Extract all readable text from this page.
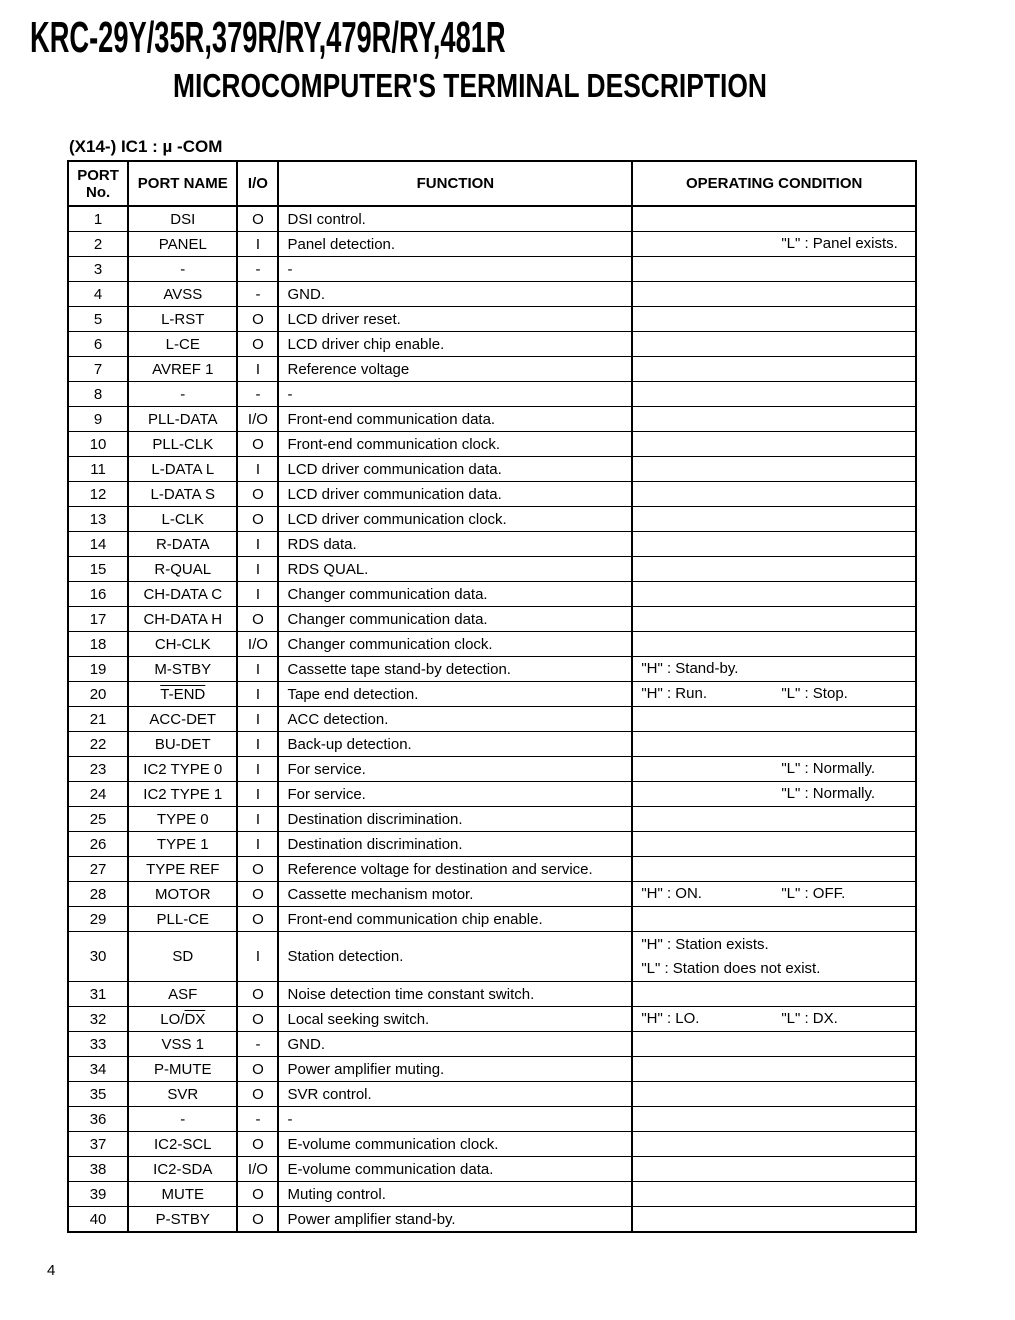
KRC-29Y/35R,379R/RY,479R/RY,481R
MICROCOMPUTER'S TERMINAL DESCRIPTION
(X14-) IC1 : µ -COM
PORT
No.	PORT NAME	I/O	FUNCTION	OPERATING CONDITION
1	DSI	O	DSI control.	
2	PANEL	I	Panel detection.	"L" : Panel exists.

3	-	-	-	
4	AVSS	-	GND.	
5	L-RST	O	LCD driver reset.	
6	L-CE	O	LCD driver chip enable.	
7	AVREF 1	I	Reference voltage	
8	-	-	-	
9	PLL-DATA	I/O	Front-end communication data.	
10	PLL-CLK	O	Front-end communication clock.	
11	L-DATA L	I	LCD driver communication data.	
12	L-DATA S	O	LCD driver communication data.	
13	L-CLK	O	LCD driver communication clock.	
14	R-DATA	I	RDS data.	
15	R-QUAL	I	RDS QUAL.	
16	CH-DATA C	I	Changer communication data.	
17	CH-DATA H	O	Changer communication data.	
18	CH-CLK	I/O	Changer communication clock.	
19	M-STBY	I	Cassette tape stand-by detection.	"H" : Stand-by.

20	T-END	I	Tape end detection.	"H" : Run. "L" : Stop.

21	ACC-DET	I	ACC detection.	
22	BU-DET	I	Back-up detection.	
23	IC2 TYPE 0	I	For service.	"L" : Normally.

24	IC2 TYPE 1	I	For service.	"L" : Normally.

25	TYPE 0	I	Destination discrimination.	
26	TYPE 1	I	Destination discrimination.	
27	TYPE REF	O	Reference voltage for destination and service.	
28	MOTOR	O	Cassette mechanism motor.	"H" : ON. "L" : OFF.

29	PLL-CE	O	Front-end communication chip enable.	
30	SD	I	Station detection.	"H" : Station exists.
"L" : Station does not exist.

31	ASF	O	Noise detection time constant switch.	
32	$LO/\overline{DX}$	O	Local seeking switch.	"H" : LO. "L" : DX.

33	VSS 1	-	GND.	
34	P-MUTE	O	Power amplifier muting.	
35	SVR	O	SVR control.	
36	-	-	-	
37	IC2-SCL	O	E-volume communication clock.	
38	IC2-SDA	I/O	E-volume communication data.	
39	MUTE	O	Muting control.	
40	P-STBY	O	Power amplifier stand-by.	
4
